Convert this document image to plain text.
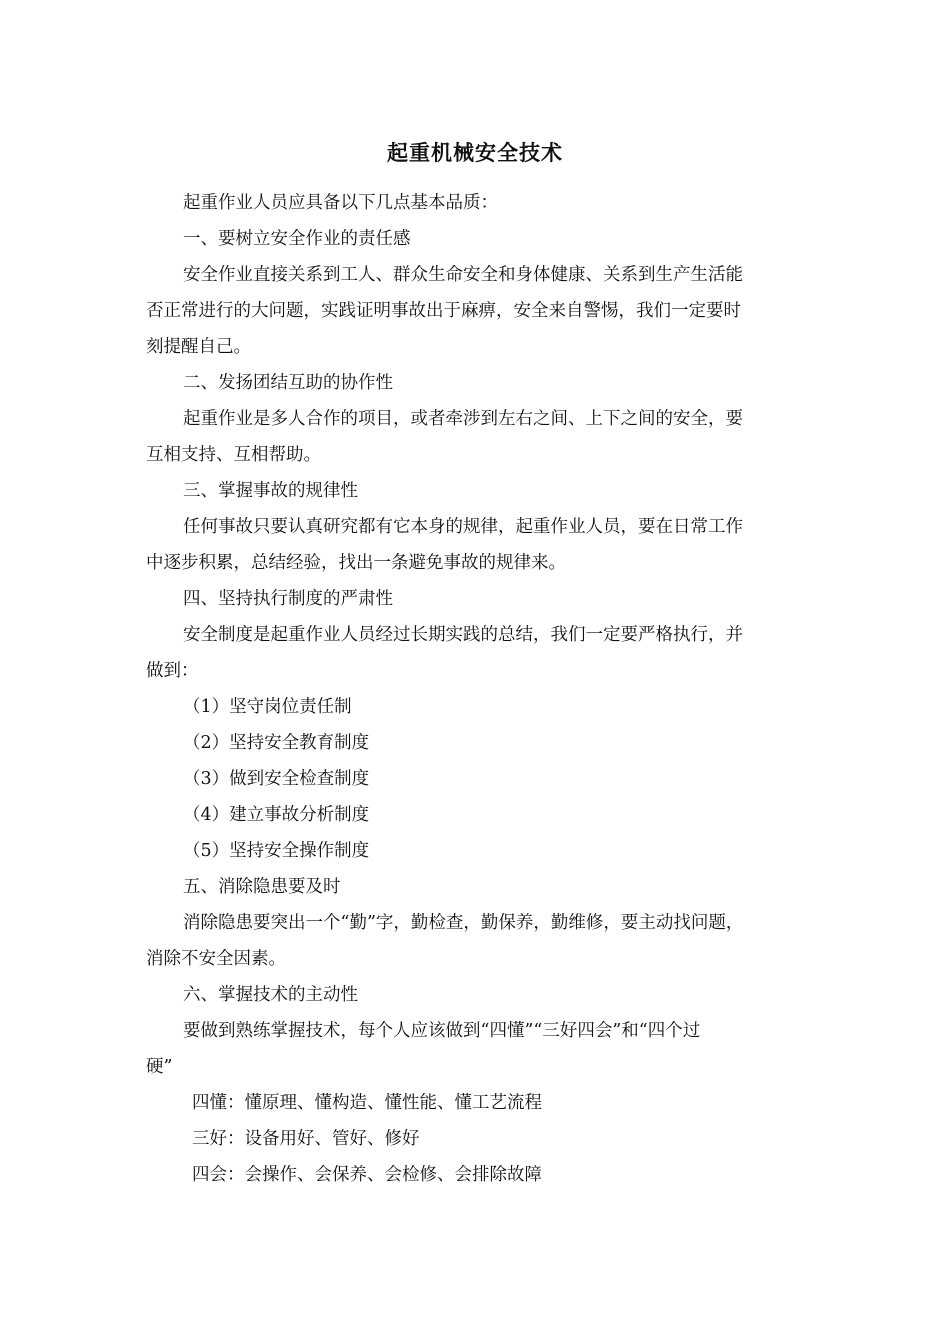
起重机械安全技术
起重作业人员应具备以下几点基本品质：
一、要树立安全作业的责任感
安全作业直接关系到工人、群众生命安全和身体健康、关系到生产生活能
否正常进行的大问题，实践证明事故出于麻痹，安全来自警惕，我们一定要时
刻提醒自己。
二、发扬团结互助的协作性
起重作业是多人合作的项目，或者牵涉到左右之间、上下之间的安全，要
互相支持、互相帮助。
三、掌握事故的规律性
任何事故只要认真研究都有它本身的规律，起重作业人员，要在日常工作
中逐步积累，总结经验，找出一条避免事故的规律来。
四、坚持执行制度的严肃性
安全制度是起重作业人员经过长期实践的总结，我们一定要严格执行，并
做到：
（1）坚守岗位责任制
（2）坚持安全教育制度
（3）做到安全检查制度
（4）建立事故分析制度
（5）坚持安全操作制度
五、消除隐患要及时
消除隐患要突出一个“勤”字，勤检查，勤保养，勤维修，要主动找问题，
消除不安全因素。
六、掌握技术的主动性
要做到熟练掌握技术，每个人应该做到“四懂”“三好四会”和“四个过
硬”
四懂：懂原理、懂构造、懂性能、懂工艺流程
三好：设备用好、管好、修好
四会：会操作、会保养、会检修、会排除故障
